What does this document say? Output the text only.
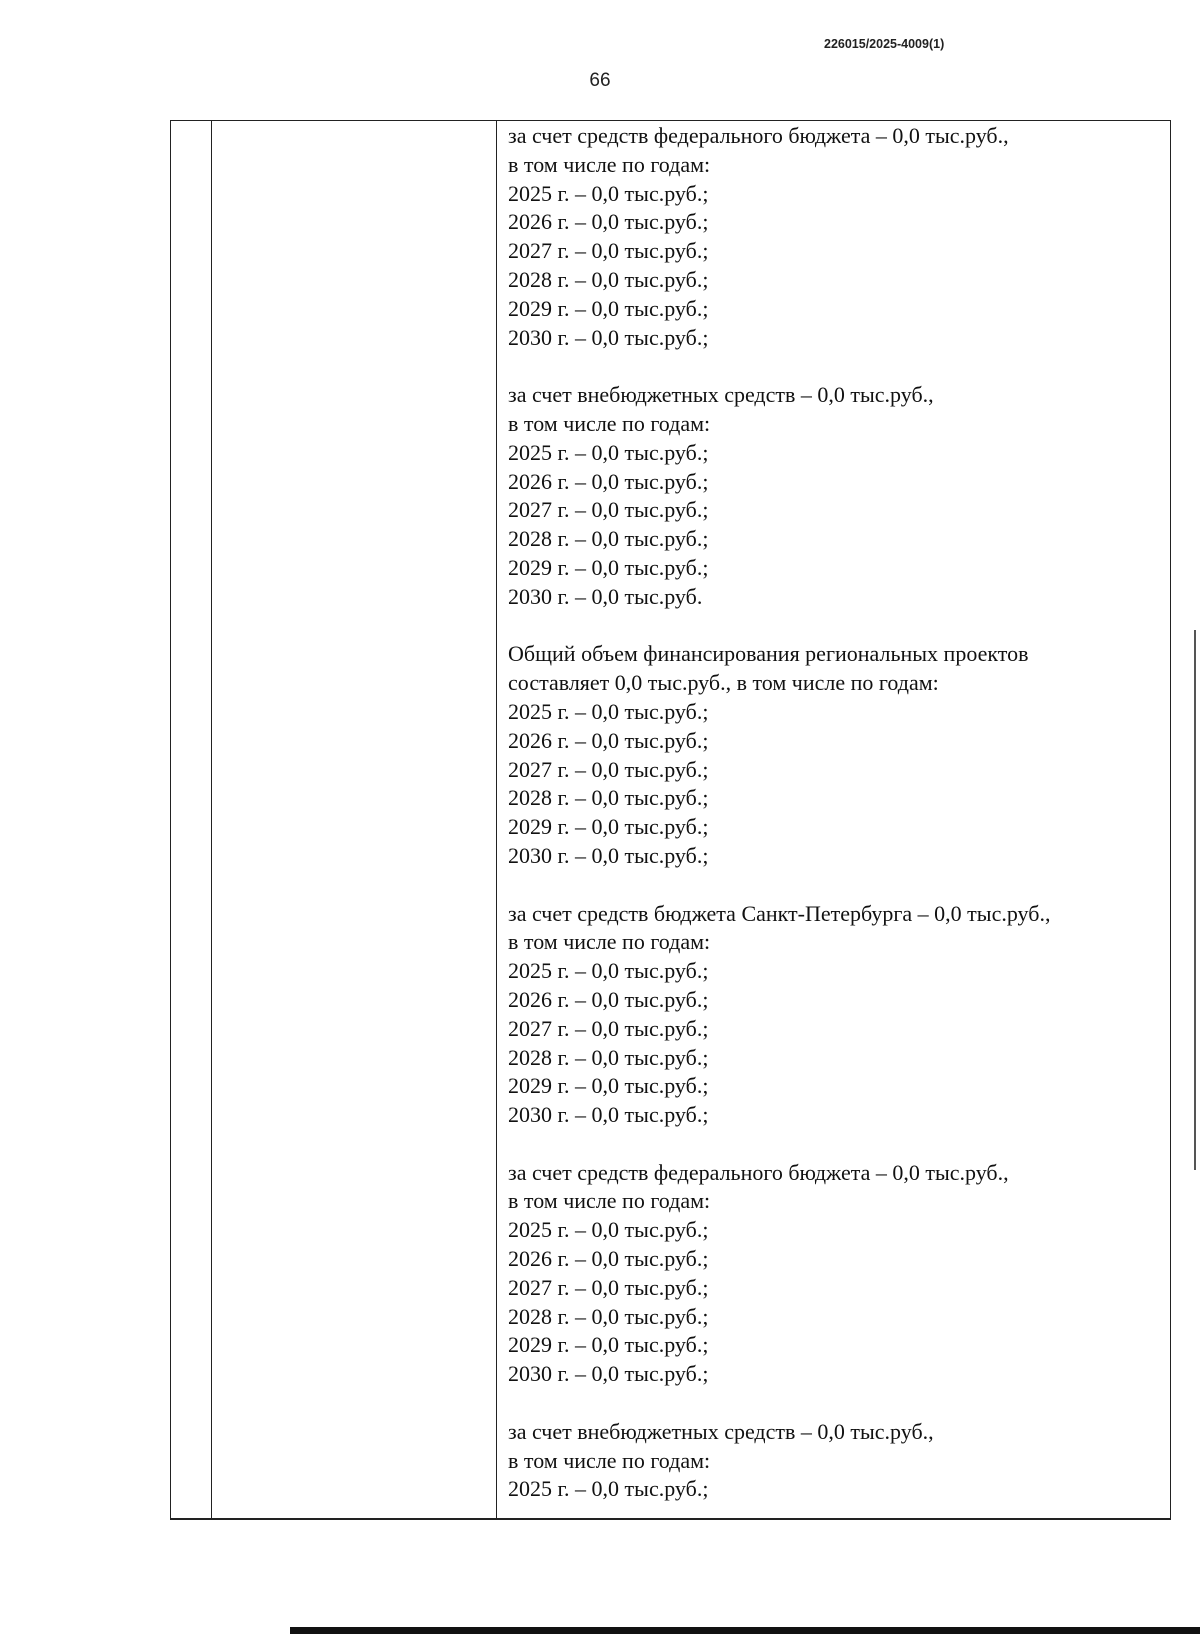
226015/2025-4009(1)
66
за счет средств федерального бюджета – 0,0 тыс.руб.,
в том числе по годам:
2025 г. – 0,0 тыс.руб.;
2026 г. – 0,0 тыс.руб.;
2027 г. – 0,0 тыс.руб.;
2028 г. – 0,0 тыс.руб.;
2029 г. – 0,0 тыс.руб.;
2030 г. – 0,0 тыс.руб.;
за счет внебюджетных средств – 0,0 тыс.руб.,
в том числе по годам:
2025 г. – 0,0 тыс.руб.;
2026 г. – 0,0 тыс.руб.;
2027 г. – 0,0 тыс.руб.;
2028 г. – 0,0 тыс.руб.;
2029 г. – 0,0 тыс.руб.;
2030 г. – 0,0 тыс.руб.
Общий объем финансирования региональных проектов
составляет 0,0 тыс.руб., в том числе по годам:
2025 г. – 0,0 тыс.руб.;
2026 г. – 0,0 тыс.руб.;
2027 г. – 0,0 тыс.руб.;
2028 г. – 0,0 тыс.руб.;
2029 г. – 0,0 тыс.руб.;
2030 г. – 0,0 тыс.руб.;
за счет средств бюджета Санкт-Петербурга – 0,0 тыс.руб.,
в том числе по годам:
2025 г. – 0,0 тыс.руб.;
2026 г. – 0,0 тыс.руб.;
2027 г. – 0,0 тыс.руб.;
2028 г. – 0,0 тыс.руб.;
2029 г. – 0,0 тыс.руб.;
2030 г. – 0,0 тыс.руб.;
за счет средств федерального бюджета – 0,0 тыс.руб.,
в том числе по годам:
2025 г. – 0,0 тыс.руб.;
2026 г. – 0,0 тыс.руб.;
2027 г. – 0,0 тыс.руб.;
2028 г. – 0,0 тыс.руб.;
2029 г. – 0,0 тыс.руб.;
2030 г. – 0,0 тыс.руб.;
за счет внебюджетных средств – 0,0 тыс.руб.,
в том числе по годам:
2025 г. – 0,0 тыс.руб.;
